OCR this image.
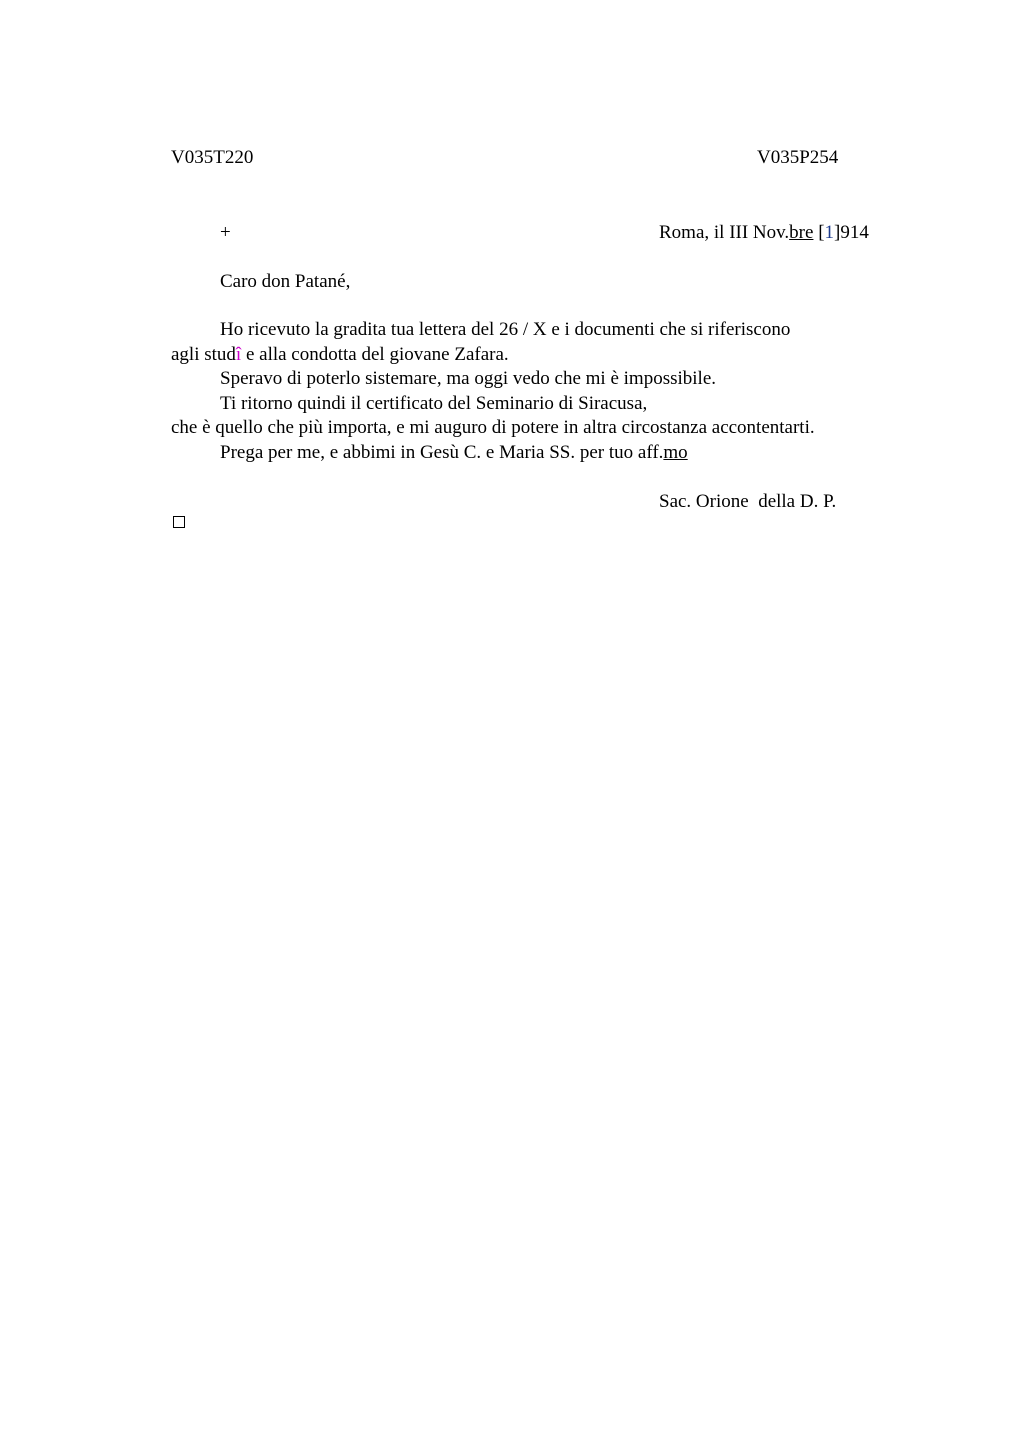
V035T220	V035P254
+	Roma, il III Nov.bre [1]914
Caro don Patané,
Ho ricevuto la gradita tua lettera del 26 / X e i documenti che si riferiscono
agli studî e alla condotta del giovane Zafara.
Speravo di poterlo sistemare, ma oggi vedo che mi è impossibile.
Ti ritorno quindi il certificato del Seminario di Siracusa,
che è quello che più importa, e mi auguro di potere in altra circostanza accontentarti.
Prega per me, e abbimi in Gesù C. e Maria SS. per tuo aff.mo
Sac. Orione  della D. P.
